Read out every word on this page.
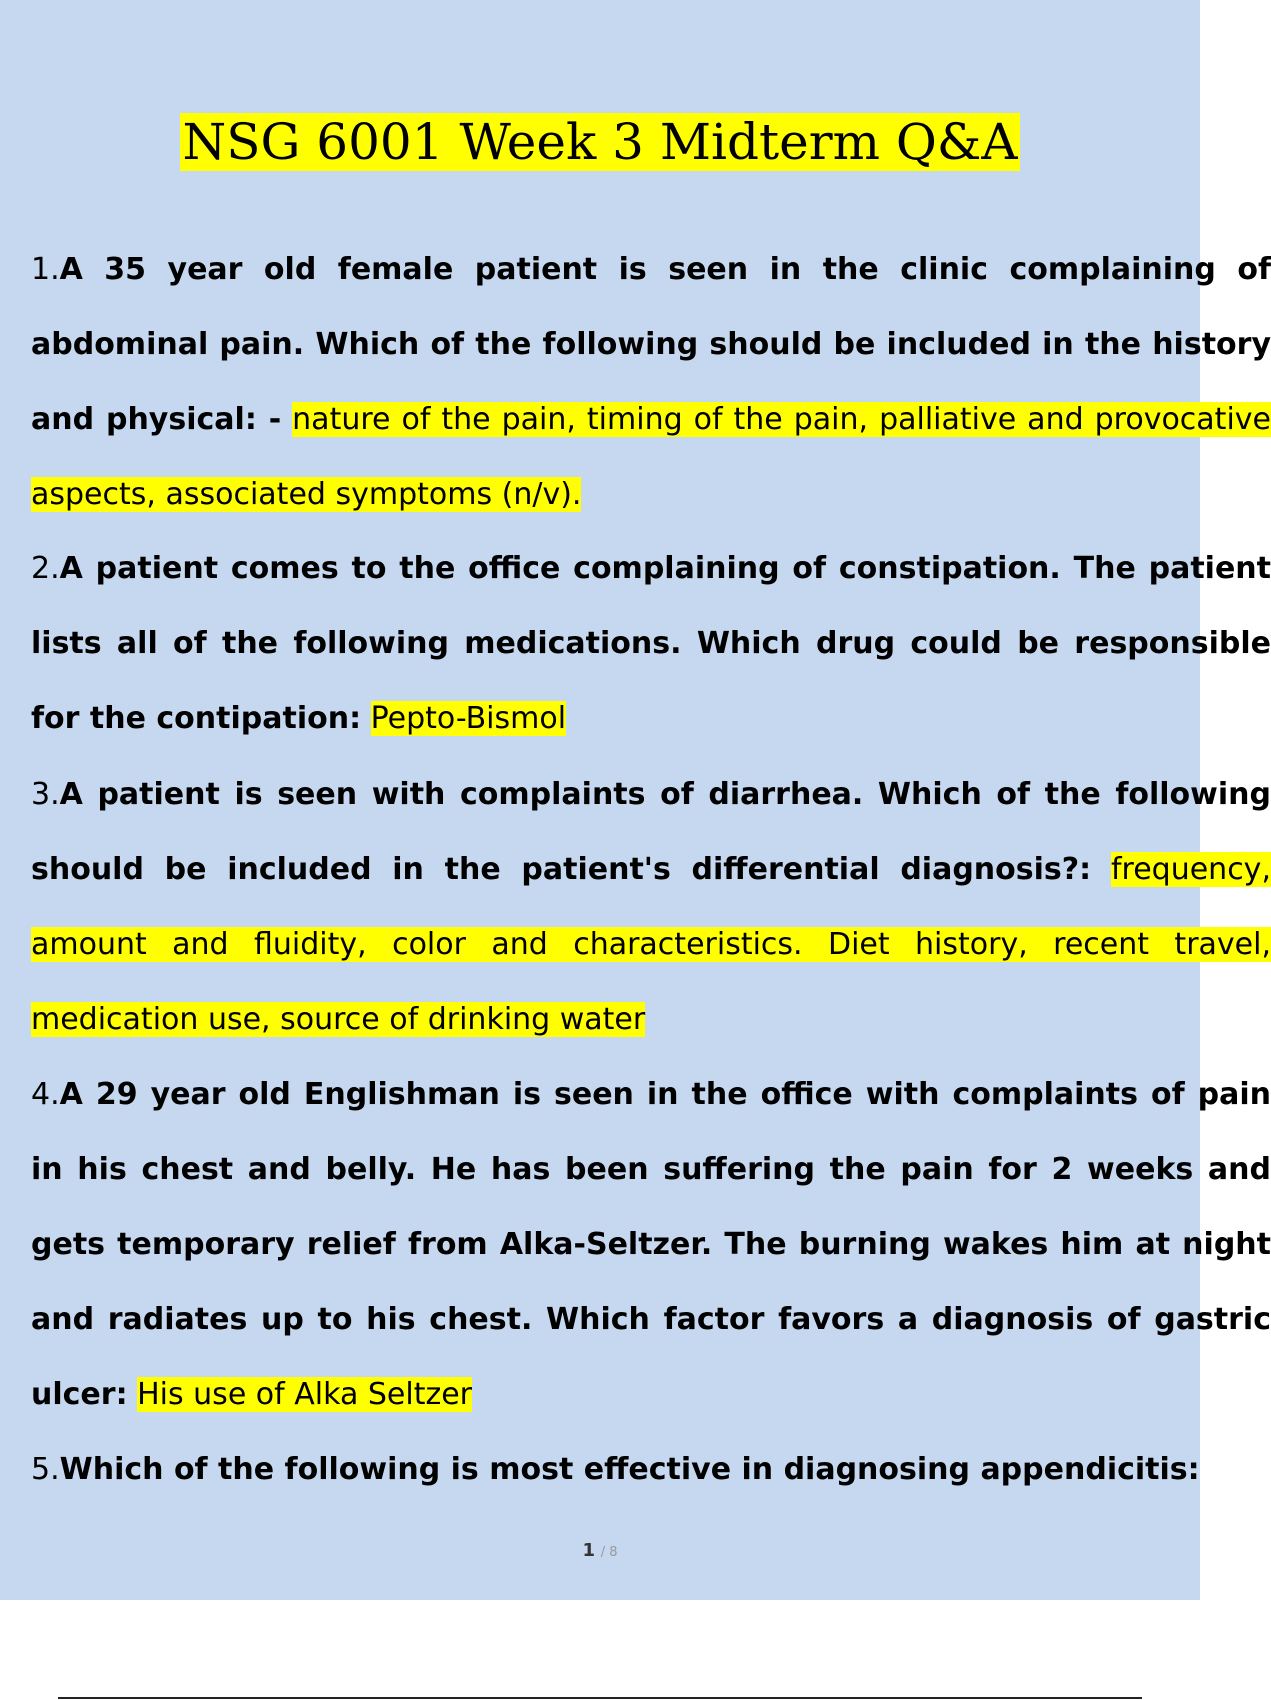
NSG 6001 Week 3 Midterm Q&A
1.A 35 year old female patient is seen in the clinic complaining of abdominal pain. Which of the following should be included in the history and physical: - nature of the pain, timing of the pain, palliative and provocative aspects, associated symptoms (n/v).
2.A patient comes to the office complaining of constipation. The patient lists all of the following medications. Which drug could be responsible for the contipation: Pepto-Bismol
3.A patient is seen with complaints of diarrhea. Which of the following should be included in the patient's differential diagnosis?: frequency, amount and fluidity, color and characteristics. Diet history, recent travel, medication use, source of drinking water
4.A 29 year old Englishman is seen in the office with complaints of pain in his chest and belly. He has been suffering the pain for 2 weeks and gets temporary relief from Alka-Seltzer. The burning wakes him at night and radiates up to his chest. Which factor favors a diagnosis of gastric ulcer: His use of Alka Seltzer
5.Which of the following is most effective in diagnosing appendicitis:
1 / 8
